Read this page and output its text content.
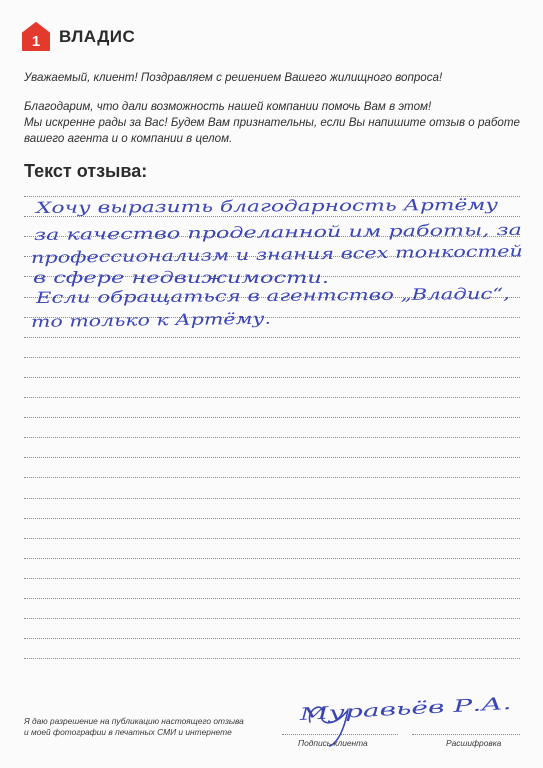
1 ВЛАДИС
Уважаемый, клиент! Поздравляем с решением Вашего жилищного вопроса!
Благодарим, что дали возможность нашей компании помочь Вам в этом!
Мы искренне рады за Вас! Будем Вам признательны, если Вы напишите отзыв о работе
вашего агента и о компании в целом.
Текст отзыва:
Хочу выразить благодарность Артёму
за качество проделанной им работы, за
профессионализм и знания всех тонкостей
в сфере недвижимости.
Если обращаться в агентство „Владис“,
то только к Артёму.
Муравьёв Р.А.
Я даю разрешение на публикацию настоящего отзыва
и моей фотографии в печатных СМИ и интернете
Подпись клиента	Расшифровка
